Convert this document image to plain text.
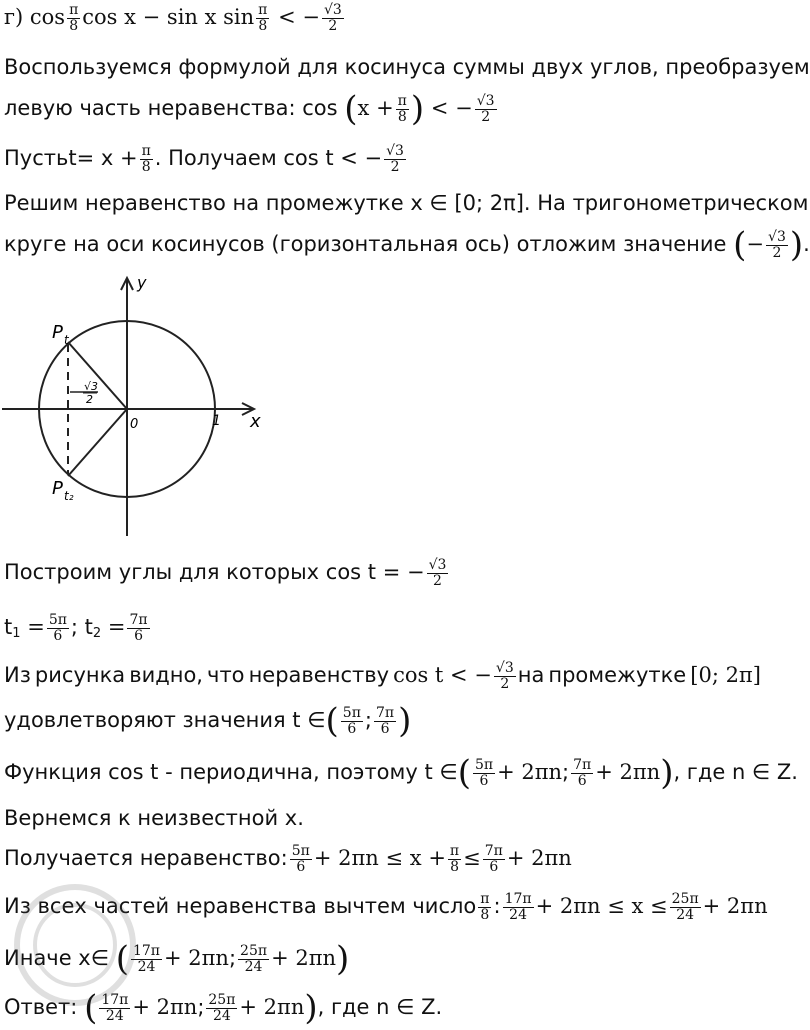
г) $\cos \frac{\pi}{8}$ cos x − sin x $\sin \frac{\pi}{8}$ < − $\frac{√3}{2}$
Воспользуемся формулой для косинуса суммы двух углов, преобразуем
левую часть неравенства: $\cos (x + \frac{\pi}{8}$ ) < − $\frac{√3}{2}$
Пустьt= $x + \frac{\pi}{8}$ . Получаем cos t < − $\frac{√3}{2}$
Решим неравенство на промежутке x ∈ [0; 2π]. На тригонометрическом
круге на оси косинусов (горизонтальная ось) отложим значение (− $\frac{√3}{2}$ ).
y
x
0	1
P t
P t₂
√3
2
Построим углы для которых cos t = − $\frac{√3}{2}$
$t_1 = \frac{5\pi}{6}$ ; $t_2 = \frac{7\pi}{6}$
Из рисунка видно, что неравенству cos t < − $\frac{√3}{2}$ на промежутке [0; 2π]
удовлетворяют значения t ∈( $\frac{5\pi}{6}$ ; $\frac{7\pi}{6}$ )
Функция cos t - периодична, поэтому t ∈( $\frac{5\pi}{6} + 2\pi n$; $\frac{7\pi}{6} + 2\pi n$), где n ∈ Z.
Вернемся к неизвестной x.
Получается неравенство: $\frac{5\pi}{6} + 2\pi n \le x + \frac{\pi}{8} \le \frac{7\pi}{6} + 2\pi n$
Из всех частей неравенства вычтем число $\frac{\pi}{8}$ : $\frac{17\pi}{24} + 2\pi n \le x \le \frac{25\pi}{24} + 2\pi n$
Иначе x∈ ( $\frac{17\pi}{24} + 2\pi n$; $\frac{25\pi}{24} + 2\pi n$)
Ответ: ( $\frac{17\pi}{24} + 2\pi n$; $\frac{25\pi}{24} + 2\pi n$), где n ∈ Z.
